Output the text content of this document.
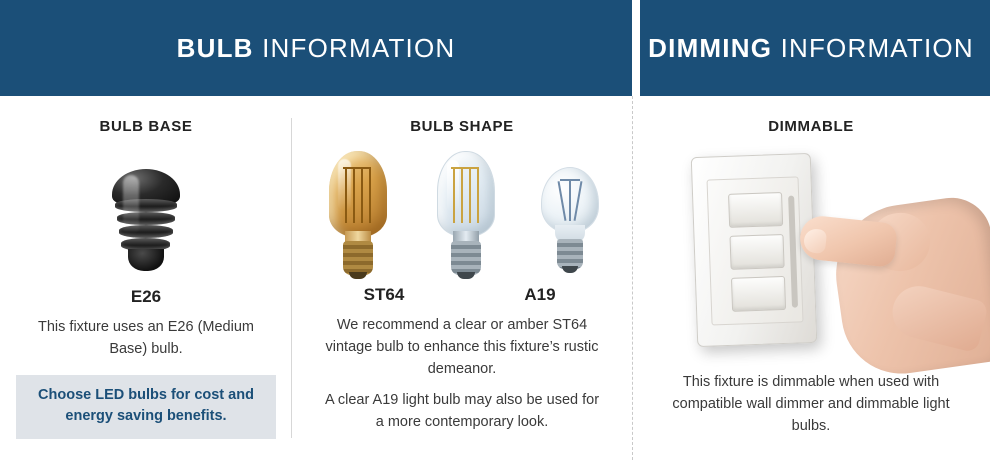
BULB INFORMATION
BULB BASE
E26
This fixture uses an E26 (Medium Base) bulb.
Choose LED bulbs for cost and energy saving benefits.
BULB SHAPE
ST64	A19
We recommend a clear or amber ST64 vintage bulb to enhance this fixture’s rustic demeanor.
A clear A19 light bulb may also be used for a more contemporary look.
DIMMING INFORMATION
DIMMABLE
This fixture is dimmable when used with compatible wall dimmer and dimmable light bulbs.
